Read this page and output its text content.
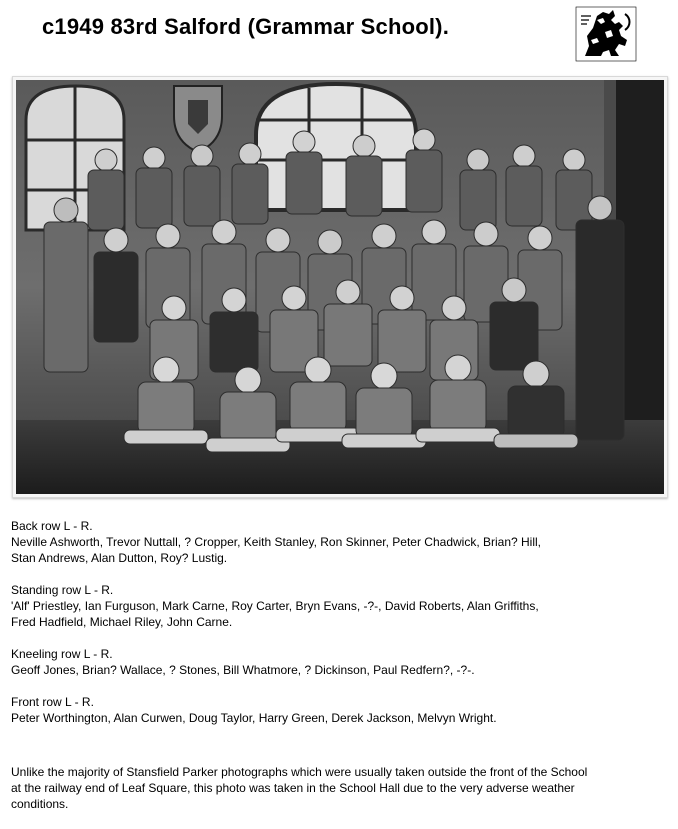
c1949 83rd Salford (Grammar School).

Back row L - R.

Neville Ashworth, Trevor Nuttall, ? Cropper, Keith Stanley, Ron Skinner, Peter Chadwick, Brian? Hill,

Stan Andrews, Alan Dutton, Roy? Lustig.

Standing row L - R.

'Alf' Priestley, Ian Furguson, Mark Carne, Roy Carter, Bryn Evans, -?-, David Roberts, Alan Griffiths,

Fred Hadfield, Michael Riley, John Carne.

Kneeling row L - R.

Geoff Jones, Brian? Wallace, ? Stones, Bill Whatmore, ? Dickinson, Paul Redfern?, -?-.

Front row L - R.

Peter Worthington, Alan Curwen, Doug Taylor, Harry Green, Derek Jackson, Melvyn Wright.

Unlike the majority of Stansfield Parker photographs which were usually taken outside the front of the School

at the railway end of Leaf Square, this photo was taken in the School Hall due to the very adverse weather

conditions.
